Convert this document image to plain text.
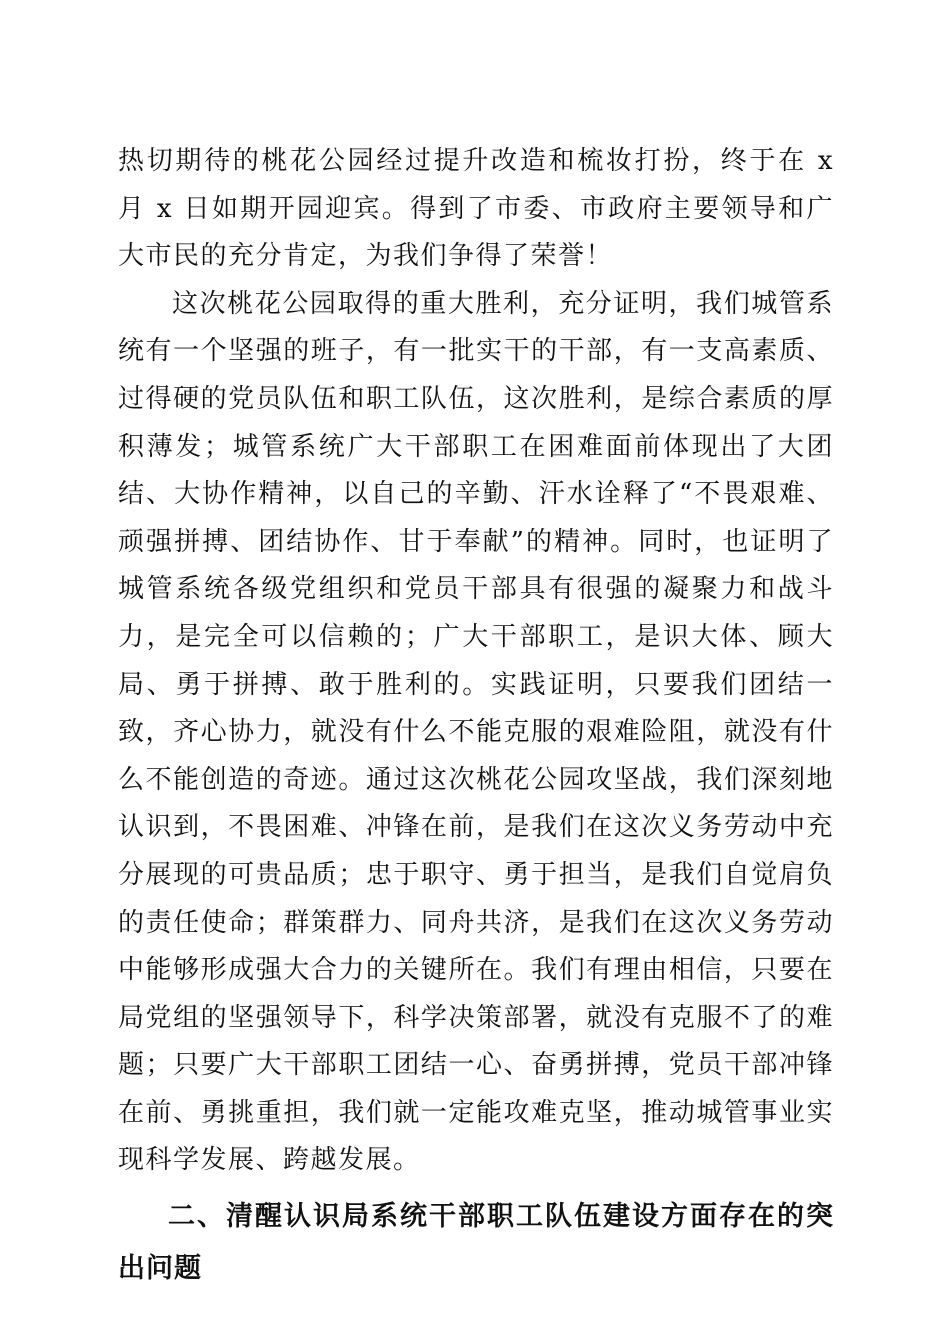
热切期待的桃花公园经过提升改造和梳妆打扮，终于在 x 月 x 日如期开园迎宾。得到了市委、市政府主要领导和广大市民的充分肯定，为我们争得了荣誉！

这次桃花公园取得的重大胜利，充分证明，我们城管系统有一个坚强的班子，有一批实干的干部，有一支高素质、过得硬的党员队伍和职工队伍，这次胜利，是综合素质的厚积薄发；城管系统广大干部职工在困难面前体现出了大团结、大协作精神，以自己的辛勤、汗水诠释了“不畏艰难、顽强拼搏、团结协作、甘于奉献”的精神。同时，也证明了城管系统各级党组织和党员干部具有很强的凝聚力和战斗力，是完全可以信赖的；广大干部职工，是识大体、顾大局、勇于拼搏、敢于胜利的。实践证明，只要我们团结一致，齐心协力，就没有什么不能克服的艰难险阻，就没有什么不能创造的奇迹。通过这次桃花公园攻坚战，我们深刻地认识到，不畏困难、冲锋在前，是我们在这次义务劳动中充分展现的可贵品质；忠于职守、勇于担当，是我们自觉肩负的责任使命；群策群力、同舟共济，是我们在这次义务劳动中能够形成强大合力的关键所在。我们有理由相信，只要在局党组的坚强领导下，科学决策部署，就没有克服不了的难题；只要广大干部职工团结一心、奋勇拼搏，党员干部冲锋在前、勇挑重担，我们就一定能攻难克坚，推动城管事业实现科学发展、跨越发展。

二、清醒认识局系统干部职工队伍建设方面存在的突出问题
